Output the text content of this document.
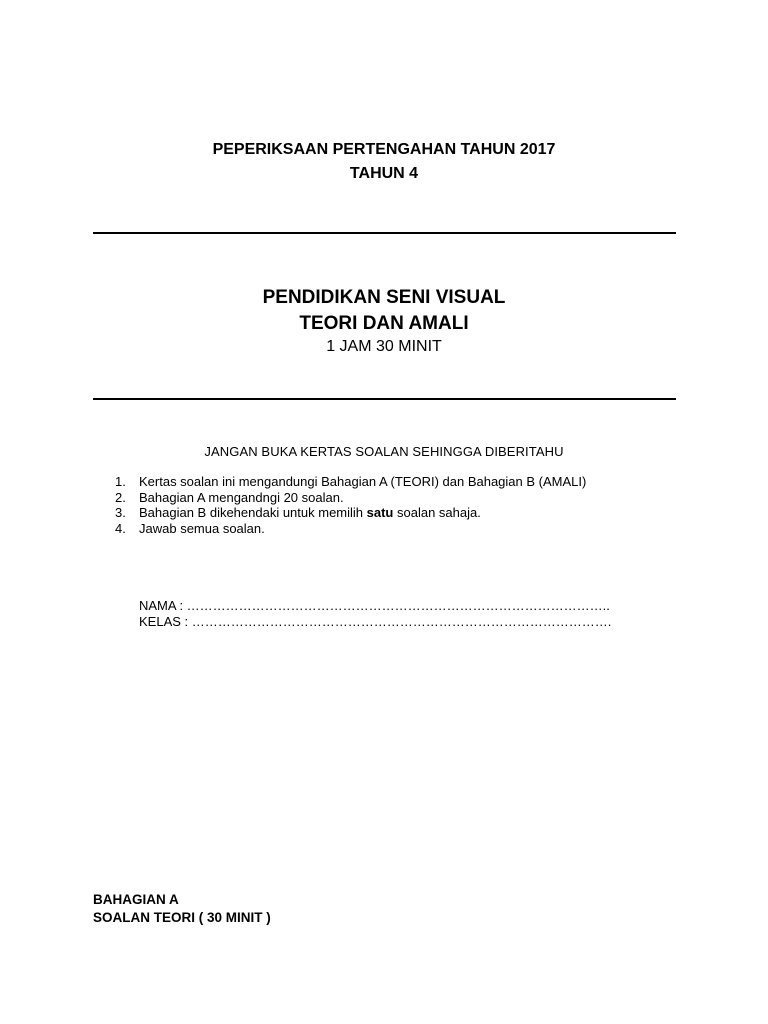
PEPERIKSAAN PERTENGAHAN TAHUN 2017
TAHUN 4
PENDIDIKAN SENI VISUAL
TEORI DAN AMALI
1 JAM 30 MINIT
JANGAN BUKA KERTAS SOALAN SEHINGGA DIBERITAHU
1. Kertas soalan ini mengandungi Bahagian A (TEORI) dan Bahagian B (AMALI)
2. Bahagian A mengandngi 20 soalan.
3. Bahagian B dikehendaki untuk memilih satu soalan sahaja.
4. Jawab semua soalan.
NAMA : ……………………………………………………………………………………..
KELAS : …………………………………………………………………………………….
BAHAGIAN A
SOALAN TEORI ( 30 MINIT )
